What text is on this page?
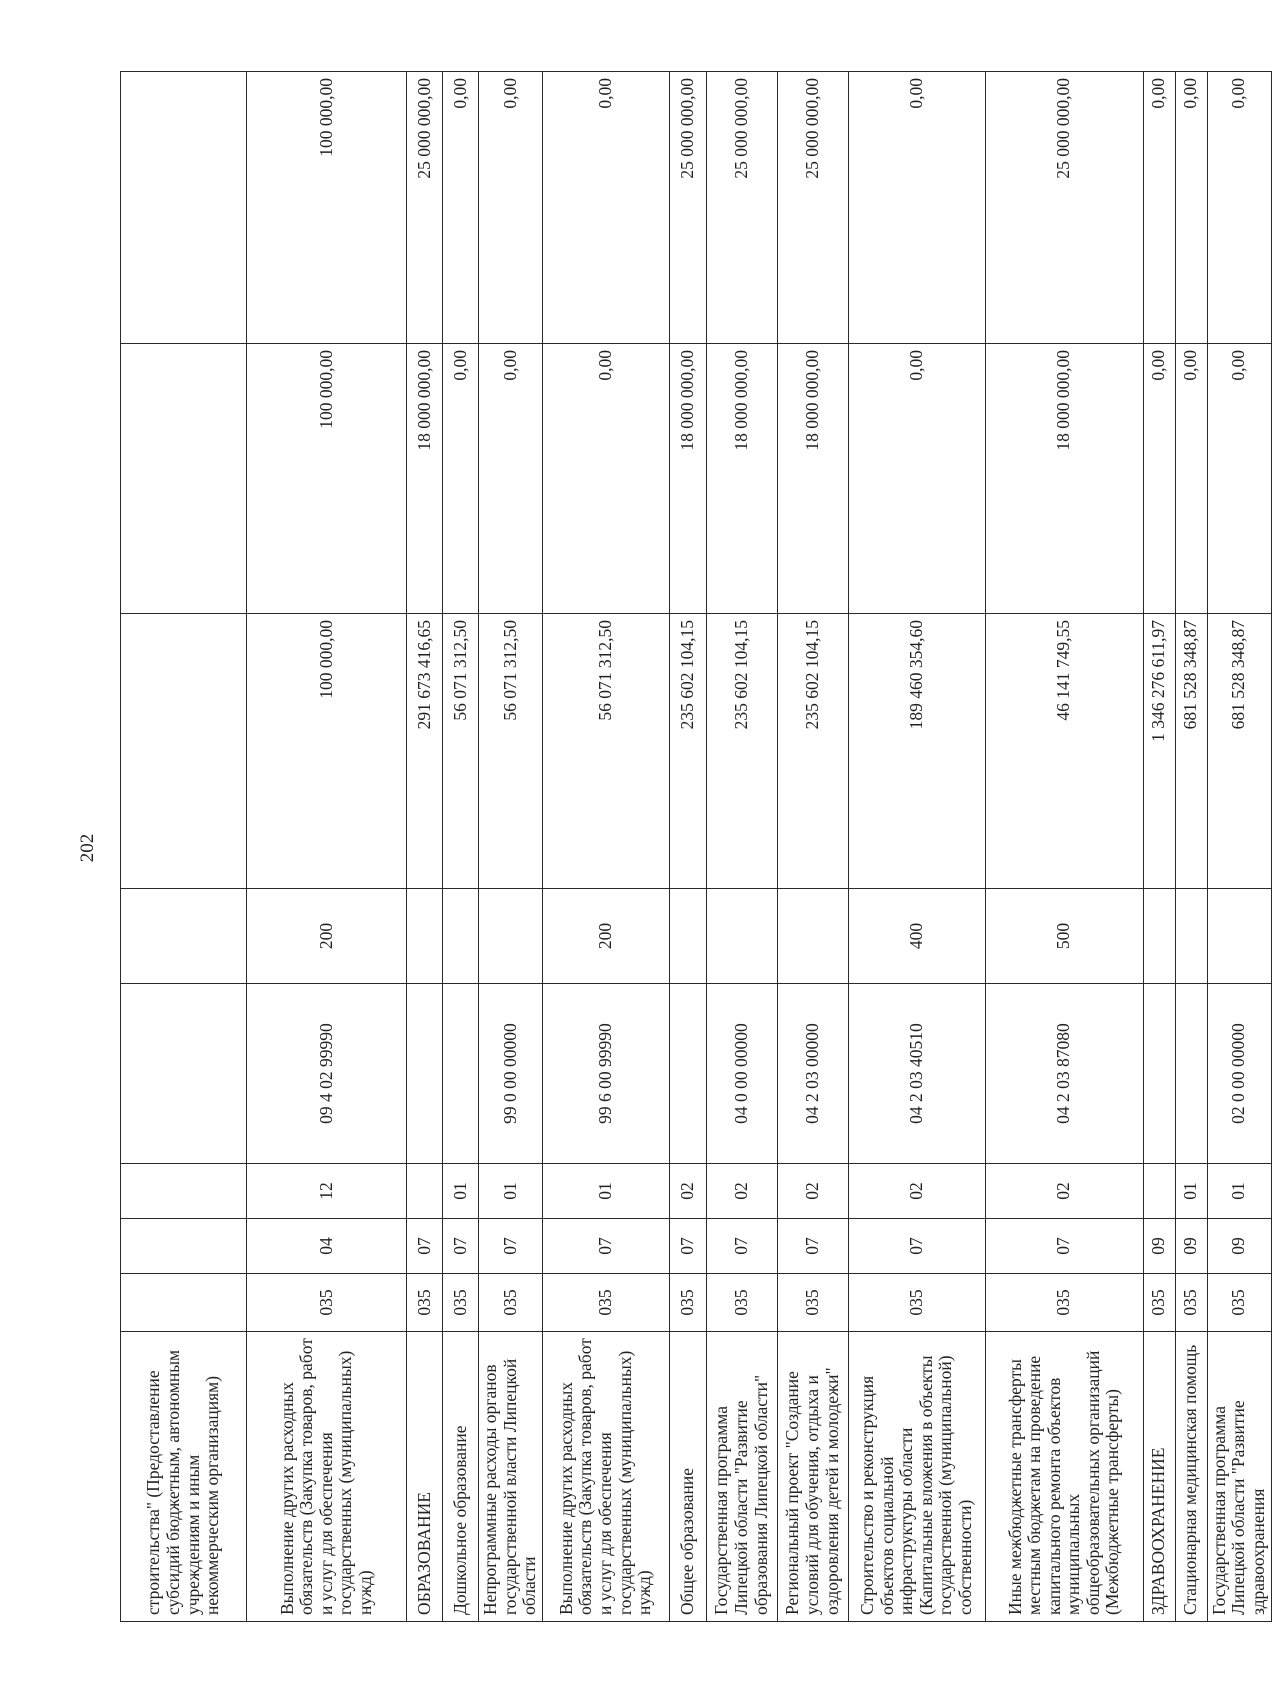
202
строительства" (Предоставление субсидий бюджетным, автономным учреждениям и иным некоммерческим организациям)								
Выполнение других расходных обязательств (Закупка товаров, работ и услуг для обеспечения государственных (муниципальных) нужд)	035	04	12	09 4 02 99990	200	100 000,00	100 000,00	100 000,00
ОБРАЗОВАНИЕ	035	07				291 673 416,65	18 000 000,00	25 000 000,00
Дошкольное образование	035	07	01			56 071 312,50	0,00	0,00
Непрограммные расходы органов государственной власти Липецкой области	035	07	01	99 0 00 00000		56 071 312,50	0,00	0,00
Выполнение других расходных обязательств (Закупка товаров, работ и услуг для обеспечения государственных (муниципальных) нужд)	035	07	01	99 6 00 99990	200	56 071 312,50	0,00	0,00
Общее образование	035	07	02			235 602 104,15	18 000 000,00	25 000 000,00
Государственная программа Липецкой области "Развитие образования Липецкой области"	035	07	02	04 0 00 00000		235 602 104,15	18 000 000,00	25 000 000,00
Региональный проект "Создание условий для обучения, отдыха и оздоровления детей и молодежи"	035	07	02	04 2 03 00000		235 602 104,15	18 000 000,00	25 000 000,00
Строительство и реконструкция объектов социальной инфраструктуры области (Капитальные вложения в объекты государственной (муниципальной) собственности)	035	07	02	04 2 03 40510	400	189 460 354,60	0,00	0,00
Иные межбюджетные трансферты местным бюджетам на проведение капитального ремонта объектов муниципальных общеобразовательных организаций (Межбюджетные трансферты)	035	07	02	04 2 03 87080	500	46 141 749,55	18 000 000,00	25 000 000,00
ЗДРАВООХРАНЕНИЕ	035	09				1 346 276 611,97	0,00	0,00
Стационарная медицинская помощь	035	09	01			681 528 348,87	0,00	0,00
Государственная программа Липецкой области "Развитие здравоохранения	035	09	01	02 0 00 00000		681 528 348,87	0,00	0,00
